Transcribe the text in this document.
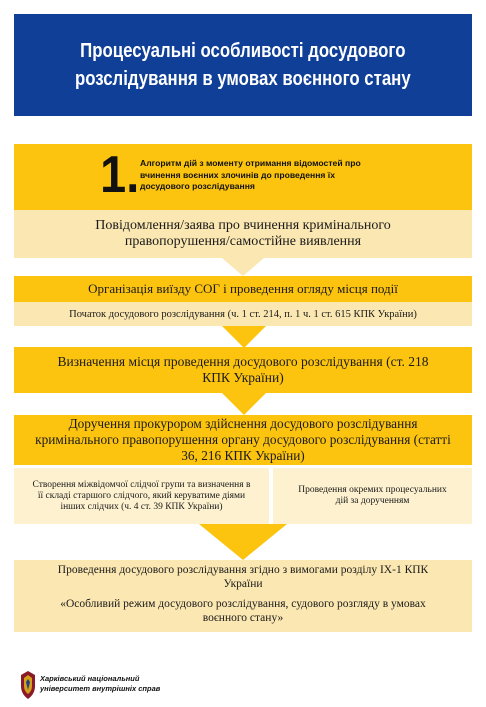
Процесуальні особливості досудового
розслідування в умовах воєнного стану
1. Алгоритм дій з моменту отримання відомостей про
вчинення воєнних злочинів до проведення їх
досудового розслідування
Повідомлення/заява про вчинення кримінального правопорушення/самостійне виявлення
Організація виїзду СОГ і проведення огляду місця події
Початок досудового розслідування (ч. 1 ст. 214, п. 1 ч. 1 ст. 615 КПК України)
Визначення місця проведення досудового розслідування (ст. 218 КПК України)
Доручення прокурором здійснення досудового розслідування кримінального правопорушення органу досудового розслідування (статті 36, 216 КПК України)
Створення міжвідомчої слідчої групи та визначення в її складі старшого слідчого, який керуватиме діями інших слідчих (ч. 4 ст. 39 КПК України)
Проведення окремих процесуальних дій за дорученням

Проведення досудового розслідування згідно з вимогами розділу IX-1 КПК України

«Особливий режим досудового розслідування, судового розгляду в умовах воєнного стану»

Харківський національний
університет внутрішніх справ
